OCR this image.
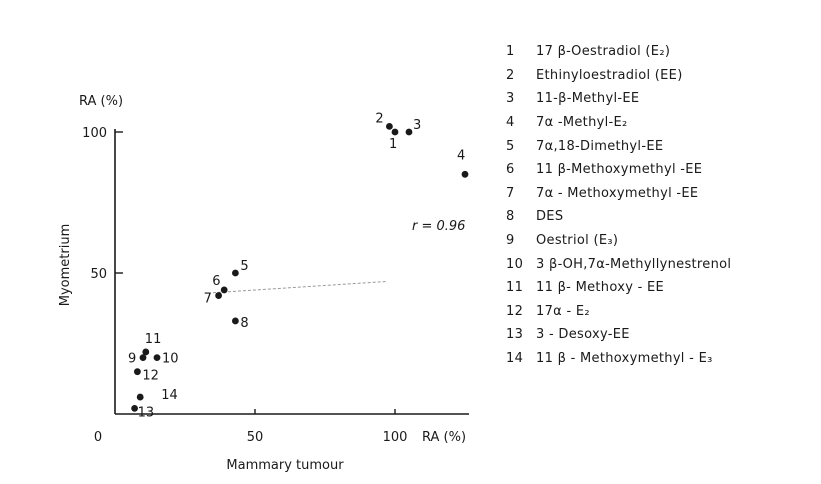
0	50	100
50
100
1
2 3
4
5
6
7
8
9 10
11
12
13
14
Myometrium
RA (%)
Mammary tumour
RA (%)
r = 0.96
1	17 β-Oestradiol (E₂)
2	Ethinyloestradiol (EE)
3	11-β-Methyl-EE
4	7α -Methyl-E₂
5	7α,18-Dimethyl-EE
6	11 β-Methoxymethyl -EE
7	7α - Methoxymethyl -EE
8	DES
9	Oestriol (E₃)
10 3 β-OH,7α-Methyllynestrenol
11 11 β- Methoxy - EE
12 17α - E₂
13 3 - Desoxy-EE
14 11 β - Methoxymethyl - E₃
